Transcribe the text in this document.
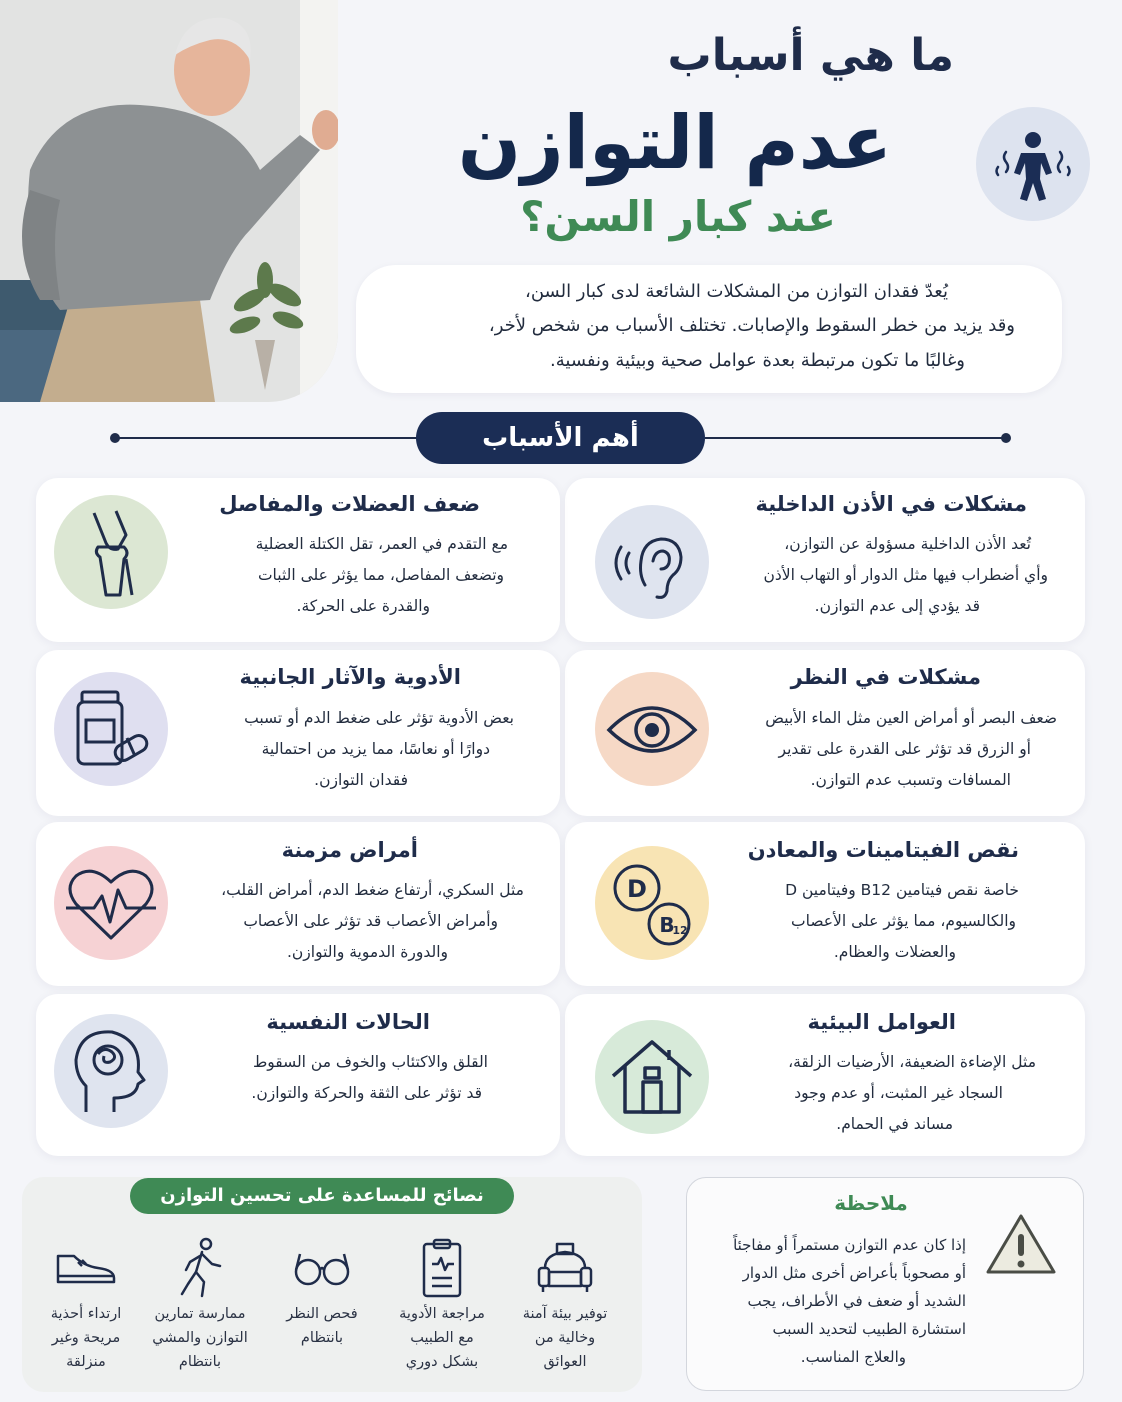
ما هي أسباب
عدم التوازن
عند كبار السن؟
يُعدّ فقدان التوازن من المشكلات الشائعة لدى كبار السن،
وقد يزيد من خطر السقوط والإصابات. تختلف الأسباب من شخص لأخر،
وغالبًا ما تكون مرتبطة بعدة عوامل صحية وبيئية ونفسية.
أهم الأسباب
مشكلات في الأذن الداخلية
تُعد الأذن الداخلية مسؤولة عن التوازن،
وأي أضطراب فيها مثل الدوار أو التهاب الأذن
قد يؤدي إلى عدم التوازن.
ضعف العضلات والمفاصل
مع التقدم في العمر، تقل الكتلة العضلية
وتضعف المفاصل، مما يؤثر على الثبات
والقدرة على الحركة.
مشكلات في النظر
ضعف البصر أو أمراض العين مثل الماء الأبيض
أو الزرق قد تؤثر على القدرة على تقدير
المسافات وتسبب عدم التوازن.
الأدوية والآثار الجانبية
بعض الأدوية تؤثر على ضغط الدم أو تسبب
دوارًا أو نعاسًا، مما يزيد من احتمالية
فقدان التوازن.
D
B
12
نقص الفيتامينات والمعادن
خاصة نقص فيتامين B12 وفيتامين D
والكالسيوم، مما يؤثر على الأعصاب
والعضلات والعظام.
أمراض مزمنة
مثل السكري، أرتفاع ضغط الدم، أمراض القلب،
وأمراض الأعصاب قد تؤثر على الأعصاب
والدورة الدموية والتوازن.
العوامل البيئية
مثل الإضاءة الضعيفة، الأرضيات الزلقة،
السجاد غير المثبت، أو عدم وجود
مساند في الحمام.
الحالات النفسية
القلق والاكتئاب والخوف من السقوط
قد تؤثر على الثقة والحركة والتوازن.
نصائح للمساعدة على تحسين التوازن
توفير بيئة آمنة
وخالية من
العوائق
مراجعة الأدوية
مع الطبيب
بشكل دوري
فحص النظر
بانتظام
ممارسة تمارين
التوازن والمشي
بانتظام
ارتداء أحذية
مريحة وغير
منزلقة
ملاحظة
إذا كان عدم التوازن مستمراً أو مفاجئاً
أو مصحوباً بأعراض أخرى مثل الدوار
الشديد أو ضعف في الأطراف، يجب
استشارة الطبيب لتحديد السبب
والعلاج المناسب.
